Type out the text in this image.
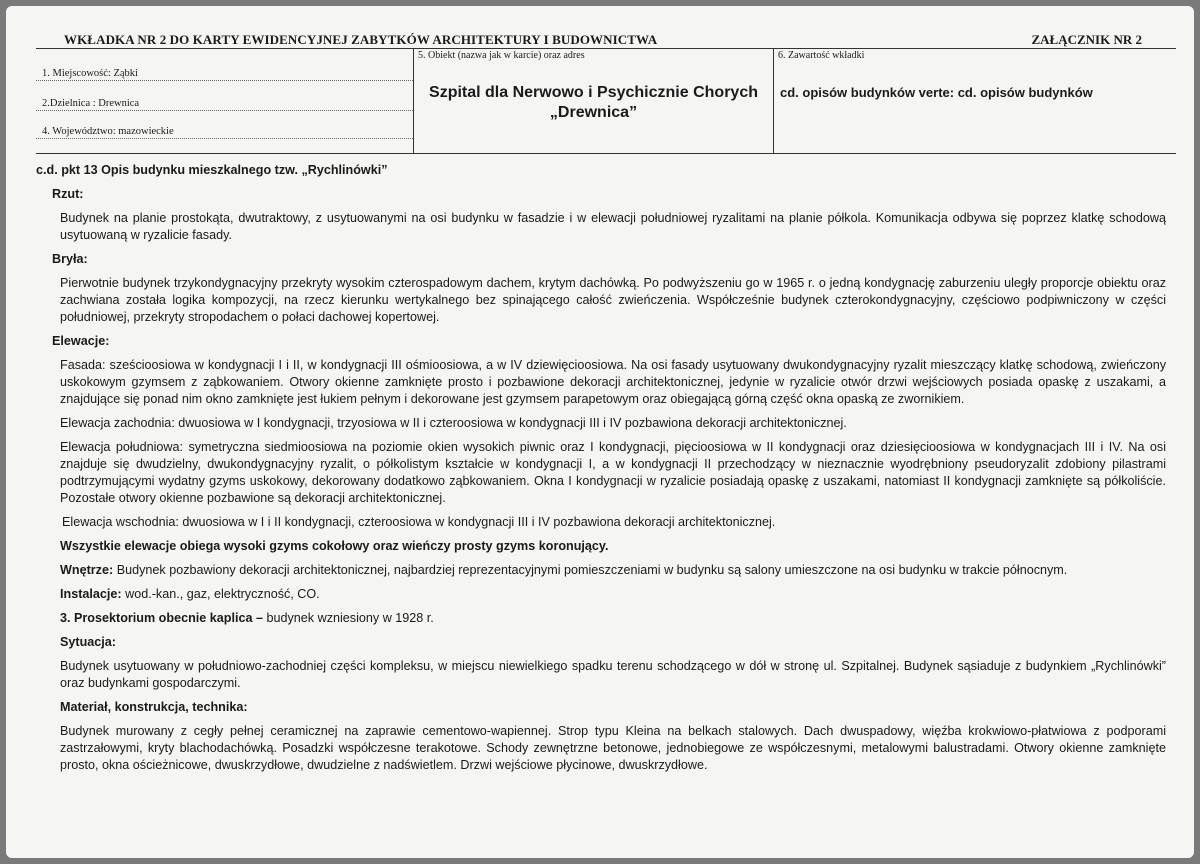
WKŁADKA NR 2 DO KARTY EWIDENCYJNEJ ZABYTKÓW ARCHITEKTURY I BUDOWNICTWA	ZAŁĄCZNIK NR 2
1. Miejscowość: Ząbki
2.Dzielnica : Drewnica
4. Województwo: mazowieckie
5. Obiekt (nazwa jak w karcie) oraz adres
Szpital dla Nerwowo i Psychicznie Chorych
„Drewnica”
6. Zawartość wkładki
cd. opisów budynków verte: cd. opisów budynków

c.d. pkt 13 Opis budynku mieszkalnego tzw. „Rychlinówki”

Rzut:

Budynek na planie prostokąta, dwutraktowy, z usytuowanymi na osi budynku w fasadzie i w elewacji południowej ryzalitami na planie półkola. Komunikacja odbywa się poprzez klatkę schodową usytuowaną w ryzalicie fasady.

Bryła:

Pierwotnie budynek trzykondygnacyjny przekryty wysokim czterospadowym dachem, krytym dachówką. Po podwyższeniu go w 1965 r. o jedną kondygnację zaburzeniu uległy proporcje obiektu oraz zachwiana została logika kompozycji, na rzecz kierunku wertykalnego bez spinającego całość zwieńczenia. Współcześnie budynek czterokondygnacyjny, częściowo podpiwniczony w części południowej, przekryty stropodachem o połaci dachowej kopertowej.

Elewacje:

Fasada: sześcioosiowa w kondygnacji I i II, w kondygnacji III ośmioosiowa, a w IV dziewięcioosiowa. Na osi fasady usytuowany dwukondygnacyjny ryzalit mieszczący klatkę schodową, zwieńczony uskokowym gzymsem z ząbkowaniem. Otwory okienne zamknięte prosto i pozbawione dekoracji architektonicznej, jedynie w ryzalicie otwór drzwi wejściowych posiada opaskę z uszakami, a znajdujące się ponad nim okno zamknięte jest łukiem pełnym i dekorowane jest gzymsem parapetowym oraz obiegającą górną część okna opaską ze zwornikiem.

Elewacja zachodnia: dwuosiowa w I kondygnacji, trzyosiowa w II i czteroosiowa w kondygnacji III i IV pozbawiona dekoracji architektonicznej.

Elewacja południowa: symetryczna siedmioosiowa na poziomie okien wysokich piwnic oraz I kondygnacji, pięcioosiowa w II kondygnacji oraz dziesięcioosiowa w kondygnacjach III i IV. Na osi znajduje się dwudzielny, dwukondygnacyjny ryzalit, o półkolistym kształcie w kondygnacji I, a w kondygnacji II przechodzący w nieznacznie wyodrębniony pseudoryzalit zdobiony pilastrami podtrzymującymi wydatny gzyms uskokowy, dekorowany dodatkowo ząbkowaniem. Okna I kondygnacji w ryzalicie posiadają opaskę z uszakami, natomiast II kondygnacji zamknięte są półkoliście. Pozostałe otwory okienne pozbawione są dekoracji architektonicznej.

Elewacja wschodnia: dwuosiowa w I i II kondygnacji, czteroosiowa w kondygnacji III i IV pozbawiona dekoracji architektonicznej.

Wszystkie elewacje obiega wysoki gzyms cokołowy oraz wieńczy prosty gzyms koronujący.

Wnętrze: Budynek pozbawiony dekoracji architektonicznej, najbardziej reprezentacyjnymi pomieszczeniami w budynku są salony umieszczone na osi budynku w trakcie północnym.

Instalacje: wod.-kan., gaz, elektryczność, CO.

3. Prosektorium obecnie kaplica – budynek wzniesiony w 1928 r.

Sytuacja:

Budynek usytuowany w południowo-zachodniej części kompleksu, w miejscu niewielkiego spadku terenu schodzącego w dół w stronę ul. Szpitalnej. Budynek sąsiaduje z budynkiem „Rychlinówki” oraz budynkami gospodarczymi.

Materiał, konstrukcja, technika:

Budynek murowany z cegły pełnej ceramicznej na zaprawie cementowo-wapiennej. Strop typu Kleina na belkach stalowych. Dach dwuspadowy, więźba krokwiowo-płatwiowa z podporami zastrzałowymi, kryty blachodachówką. Posadzki współczesne terakotowe. Schody zewnętrzne betonowe, jednobiegowe ze współczesnymi, metalowymi balustradami. Otwory okienne zamknięte prosto, okna ościeżnicowe, dwuskrzydłowe, dwudzielne z nadświetlem. Drzwi wejściowe płycinowe, dwuskrzydłowe.
